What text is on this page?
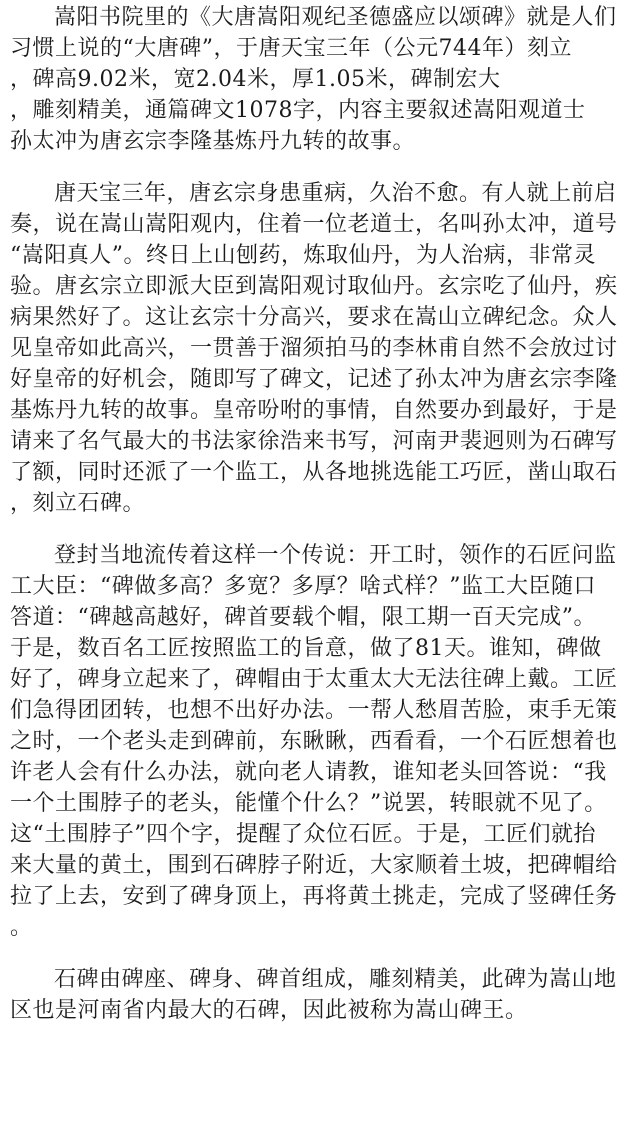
嵩阳书院里的《大唐嵩阳观纪圣德盛应以颂碑》就是人们
习惯上说的“大唐碑”，于唐天宝三年（公元744年）刻立
，碑高9.02米，宽2.04米，厚1.05米，碑制宏大
，雕刻精美，通篇碑文1078字，内容主要叙述嵩阳观道士
孙太冲为唐玄宗李隆基炼丹九转的故事。
唐天宝三年，唐玄宗身患重病，久治不愈。有人就上前启
奏，说在嵩山嵩阳观内，住着一位老道士，名叫孙太冲，道号
“嵩阳真人”。终日上山刨药，炼取仙丹，为人治病，非常灵
验。唐玄宗立即派大臣到嵩阳观讨取仙丹。玄宗吃了仙丹，疾
病果然好了。这让玄宗十分高兴，要求在嵩山立碑纪念。众人
见皇帝如此高兴，一贯善于溜须拍马的李林甫自然不会放过讨
好皇帝的好机会，随即写了碑文，记述了孙太冲为唐玄宗李隆
基炼丹九转的故事。皇帝吩咐的事情，自然要办到最好，于是
请来了名气最大的书法家徐浩来书写，河南尹裴迥则为石碑写
了额，同时还派了一个监工，从各地挑选能工巧匠，凿山取石
，刻立石碑。
登封当地流传着这样一个传说：开工时，领作的石匠问监
工大臣：“碑做多高？多宽？多厚？啥式样？”监工大臣随口
答道：“碑越高越好，碑首要载个帽，限工期一百天完成”。
于是，数百名工匠按照监工的旨意，做了81天。谁知，碑做
好了，碑身立起来了，碑帽由于太重太大无法往碑上戴。工匠
们急得团团转，也想不出好办法。一帮人愁眉苦脸，束手无策
之时，一个老头走到碑前，东瞅瞅，西看看，一个石匠想着也
许老人会有什么办法，就向老人请教，谁知老头回答说：“我
一个土围脖子的老头，能懂个什么？”说罢，转眼就不见了。
这“土围脖子”四个字，提醒了众位石匠。于是，工匠们就抬
来大量的黄土，围到石碑脖子附近，大家顺着土坡，把碑帽给
拉了上去，安到了碑身顶上，再将黄土挑走，完成了竖碑任务
。
石碑由碑座、碑身、碑首组成，雕刻精美，此碑为嵩山地
区也是河南省内最大的石碑，因此被称为嵩山碑王。
